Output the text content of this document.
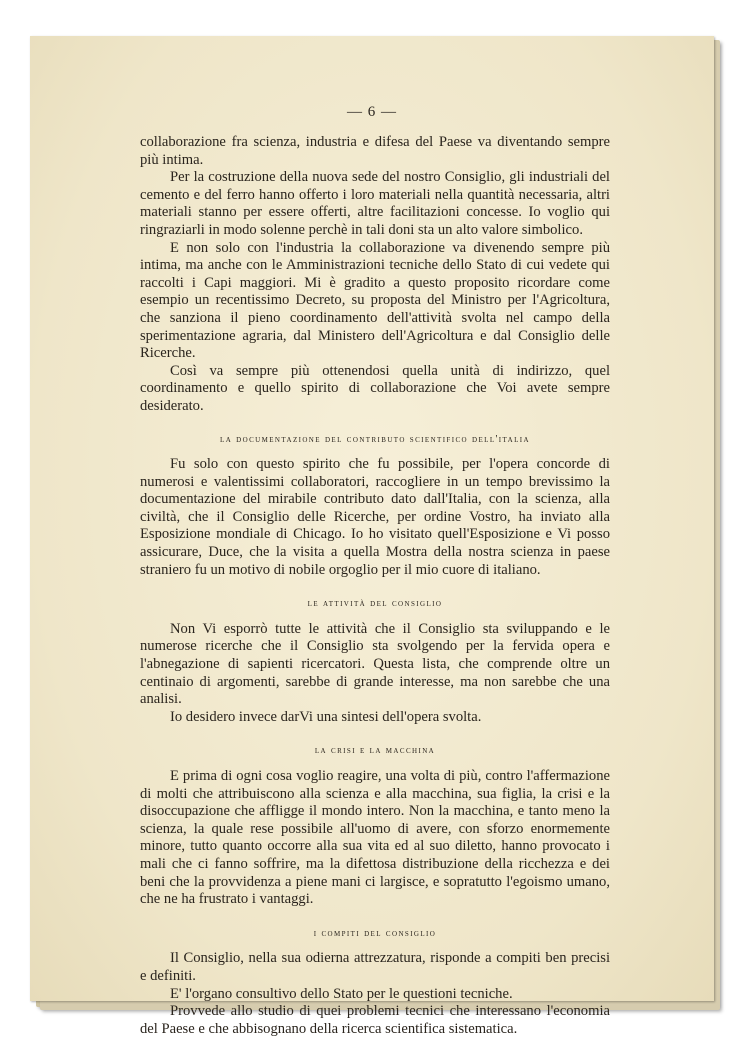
— 6 —

collaborazione fra scienza, industria e difesa del Paese va diventando sempre più intima.

Per la costruzione della nuova sede del nostro Consiglio, gli industriali del cemento e del ferro hanno offerto i loro materiali nella quantità necessaria, altri materiali stanno per essere offerti, altre facilitazioni concesse. Io voglio qui ringraziarli in modo solenne perchè in tali doni sta un alto valore simbolico.

E non solo con l'industria la collaborazione va divenendo sempre più intima, ma anche con le Amministrazioni tecniche dello Stato di cui vedete qui raccolti i Capi maggiori. Mi è gradito a questo proposito ricordare come esempio un recentissimo Decreto, su proposta del Ministro per l'Agricoltura, che sanziona il pieno coordinamento dell'attività svolta nel campo della sperimentazione agraria, dal Ministero dell'Agricoltura e dal Consiglio delle Ricerche.

Così va sempre più ottenendosi quella unità di indirizzo, quel coordinamento e quello spirito di collaborazione che Voi avete sempre desiderato.

la documentazione del contributo scientifico dell'italia

Fu solo con questo spirito che fu possibile, per l'opera concorde di numerosi e valentissimi collaboratori, raccogliere in un tempo brevissimo la documentazione del mirabile contributo dato dall'Italia, con la scienza, alla civiltà, che il Consiglio delle Ricerche, per ordine Vostro, ha inviato alla Esposizione mondiale di Chicago. Io ho visitato quell'Esposizione e Vi posso assicurare, Duce, che la visita a quella Mostra della nostra scienza in paese straniero fu un motivo di nobile orgoglio per il mio cuore di italiano.

le attività del consiglio

Non Vi esporrò tutte le attività che il Consiglio sta sviluppando e le numerose ricerche che il Consiglio sta svolgendo per la fervida opera e l'abnegazione di sapienti ricercatori. Questa lista, che comprende oltre un centinaio di argomenti, sarebbe di grande interesse, ma non sarebbe che una analisi.

Io desidero invece darVi una sintesi dell'opera svolta.

la crisi e la macchina

E prima di ogni cosa voglio reagire, una volta di più, contro l'affermazione di molti che attribuiscono alla scienza e alla macchina, sua figlia, la crisi e la disoccupazione che affligge il mondo intero. Non la macchina, e tanto meno la scienza, la quale rese possibile all'uomo di avere, con sforzo enormemente minore, tutto quanto occorre alla sua vita ed al suo diletto, hanno provocato i mali che ci fanno soffrire, ma la difettosa distribuzione della ricchezza e dei beni che la provvidenza a piene mani ci largisce, e sopratutto l'egoismo umano, che ne ha frustrato i vantaggi.

i compiti del consiglio

Il Consiglio, nella sua odierna attrezzatura, risponde a compiti ben precisi e definiti.

E' l'organo consultivo dello Stato per le questioni tecniche.

Provvede allo studio di quei problemi tecnici che interessano l'economia del Paese e che abbisognano della ricerca scientifica sistematica.
